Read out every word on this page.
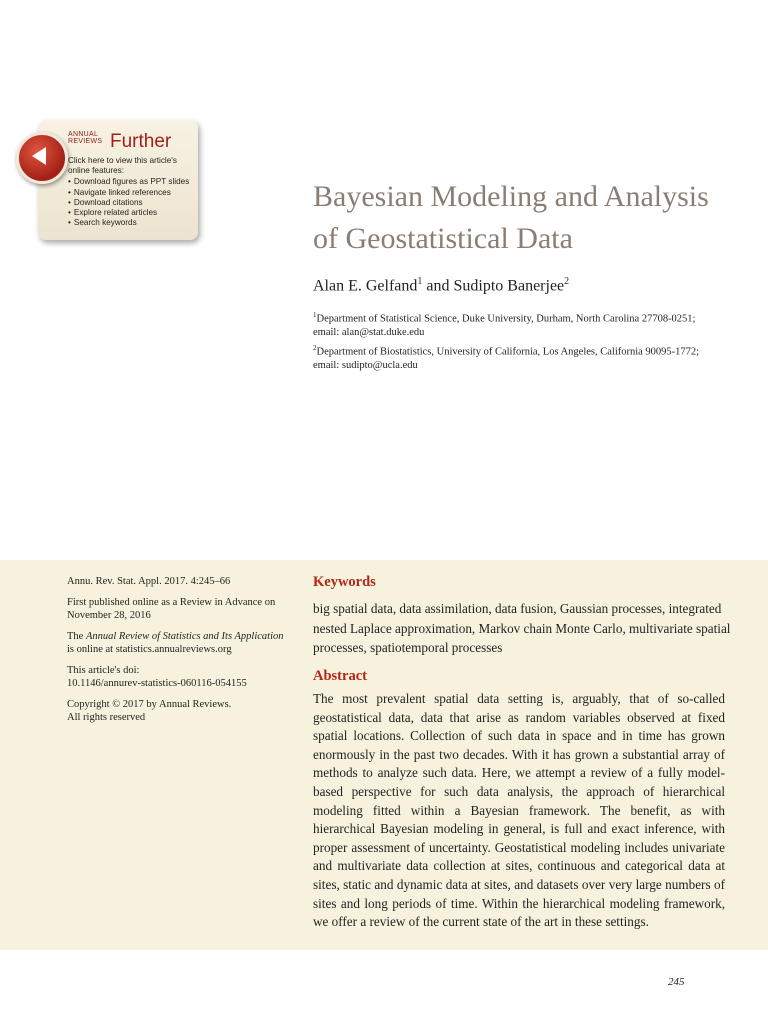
ANNUAL
REVIEWS Further
Click here to view this article's online features:
• Download figures as PPT slides
• Navigate linked references
• Download citations
• Explore related articles
• Search keywords
Bayesian Modeling and Analysis
of Geostatistical Data
Alan E. Gelfand$^1$ and Sudipto Banerjee$^2$
$^1$Department of Statistical Science, Duke University, Durham, North Carolina 27708-0251;
email: alan@stat.duke.edu
$^2$Department of Biostatistics, University of California, Los Angeles, California 90095-1772;
email: sudipto@ucla.edu

Annu. Rev. Stat. Appl. 2017. 4:245–66

First published online as a Review in Advance on November 28, 2016

The Annual Review of Statistics and Its Application is online at statistics.annualreviews.org

This article's doi:
10.1146/annurev-statistics-060116-054155

Copyright © 2017 by Annual Reviews.
All rights reserved

Keywords
big spatial data, data assimilation, data fusion, Gaussian processes, integrated nested Laplace approximation, Markov chain Monte Carlo, multivariate spatial processes, spatiotemporal processes
Abstract
The most prevalent spatial data setting is, arguably, that of so-called geostatistical data, data that arise as random variables observed at fixed spatial locations. Collection of such data in space and in time has grown enormously in the past two decades. With it has grown a substantial array of methods to analyze such data. Here, we attempt a review of a fully model-based perspective for such data analysis, the approach of hierarchical modeling fitted within a Bayesian framework. The benefit, as with hierarchical Bayesian modeling in general, is full and exact inference, with proper assessment of uncertainty. Geostatistical modeling includes univariate and multivariate data collection at sites, continuous and categorical data at sites, static and dynamic data at sites, and datasets over very large numbers of sites and long periods of time. Within the hierarchical modeling framework, we offer a review of the current state of the art in these settings.
245
